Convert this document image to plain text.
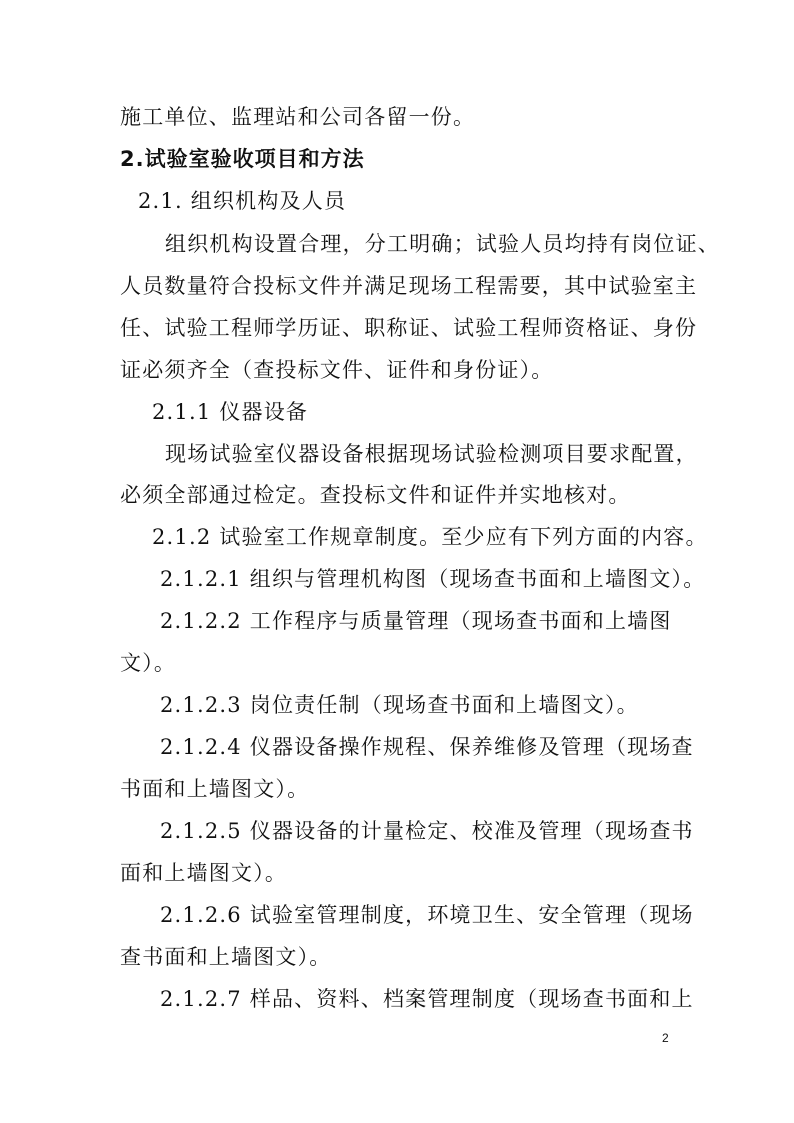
施工单位、监理站和公司各留一份。
2.试验室验收项目和方法
2.1. 组织机构及人员
组织机构设置合理，分工明确；试验人员均持有岗位证、
人员数量符合投标文件并满足现场工程需要，其中试验室主
任、试验工程师学历证、职称证、试验工程师资格证、身份
证必须齐全（查投标文件、证件和身份证）。
2.1.1 仪器设备
现场试验室仪器设备根据现场试验检测项目要求配置，
必须全部通过检定。查投标文件和证件并实地核对。
2.1.2 试验室工作规章制度。至少应有下列方面的内容。
2.1.2.1 组织与管理机构图（现场查书面和上墙图文）。
2.1.2.2 工作程序与质量管理（现场查书面和上墙图
文）。
2.1.2.3 岗位责任制（现场查书面和上墙图文）。
2.1.2.4 仪器设备操作规程、保养维修及管理（现场查
书面和上墙图文）。
2.1.2.5 仪器设备的计量检定、校准及管理（现场查书
面和上墙图文）。
2.1.2.6 试验室管理制度，环境卫生、安全管理（现场
查书面和上墙图文）。
2.1.2.7 样品、资料、档案管理制度（现场查书面和上
2
